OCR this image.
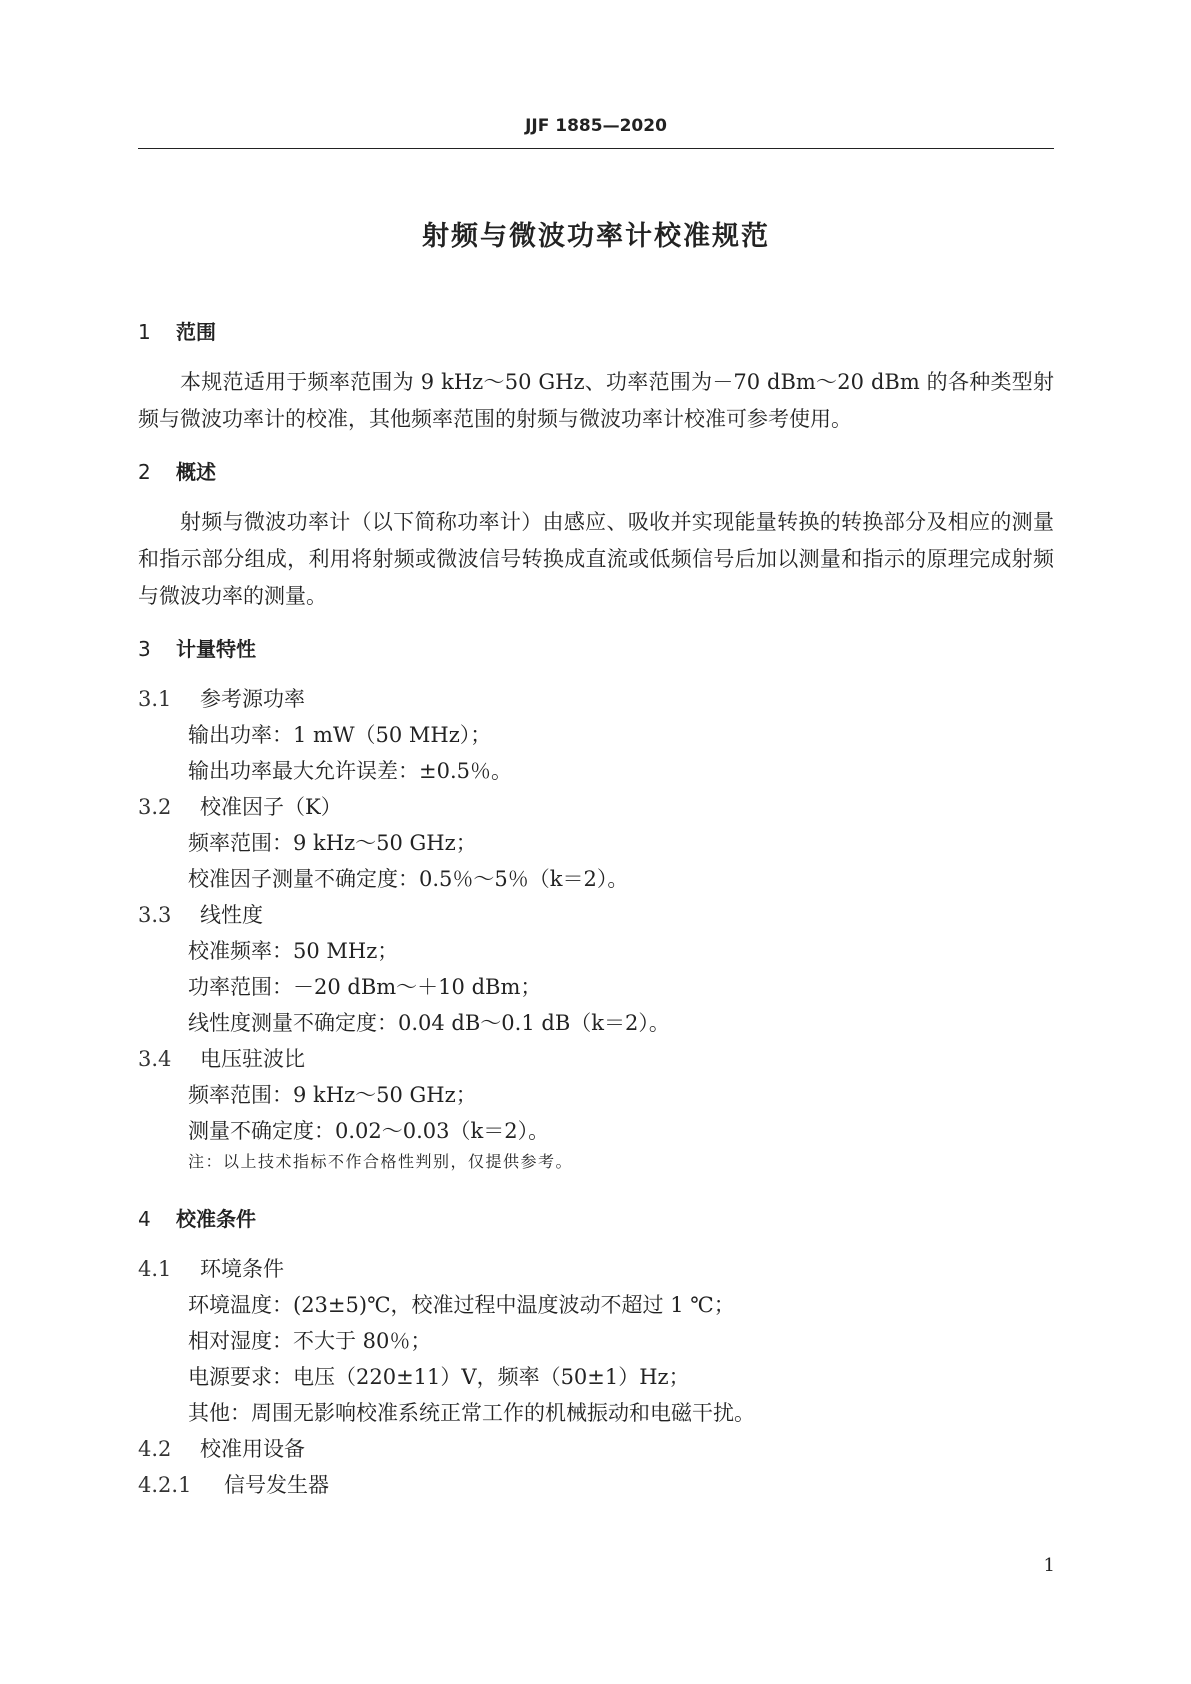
JJF 1885—2020
射频与微波功率计校准规范
1 范围

本规范适用于频率范围为 9 kHz～50 GHz、功率范围为－70 dBm～20 dBm 的各种类型射频与微波功率计的校准，其他频率范围的射频与微波功率计校准可参考使用。

2 概述

射频与微波功率计（以下简称功率计）由感应、吸收并实现能量转换的转换部分及相应的测量和指示部分组成，利用将射频或微波信号转换成直流或低频信号后加以测量和指示的原理完成射频与微波功率的测量。

3 计量特性
3.1 参考源功率
输出功率：1 mW（50 MHz）；
输出功率最大允许误差：±0.5％。
3.2 校准因子（K）
频率范围：9 kHz～50 GHz；
校准因子测量不确定度：0.5％～5％（k＝2）。
3.3 线性度
校准频率：50 MHz；
功率范围：－20 dBm～＋10 dBm；
线性度测量不确定度：0.04 dB～0.1 dB（k＝2）。
3.4 电压驻波比
频率范围：9 kHz～50 GHz；
测量不确定度：0.02～0.03（k＝2）。
注：以上技术指标不作合格性判别，仅提供参考。
4 校准条件
4.1 环境条件
环境温度：(23±5)℃，校准过程中温度波动不超过 1 ℃；
相对湿度：不大于 80％；
电源要求：电压（220±11）V，频率（50±1）Hz；
其他：周围无影响校准系统正常工作的机械振动和电磁干扰。
4.2 校准用设备
4.2.1 信号发生器
1
